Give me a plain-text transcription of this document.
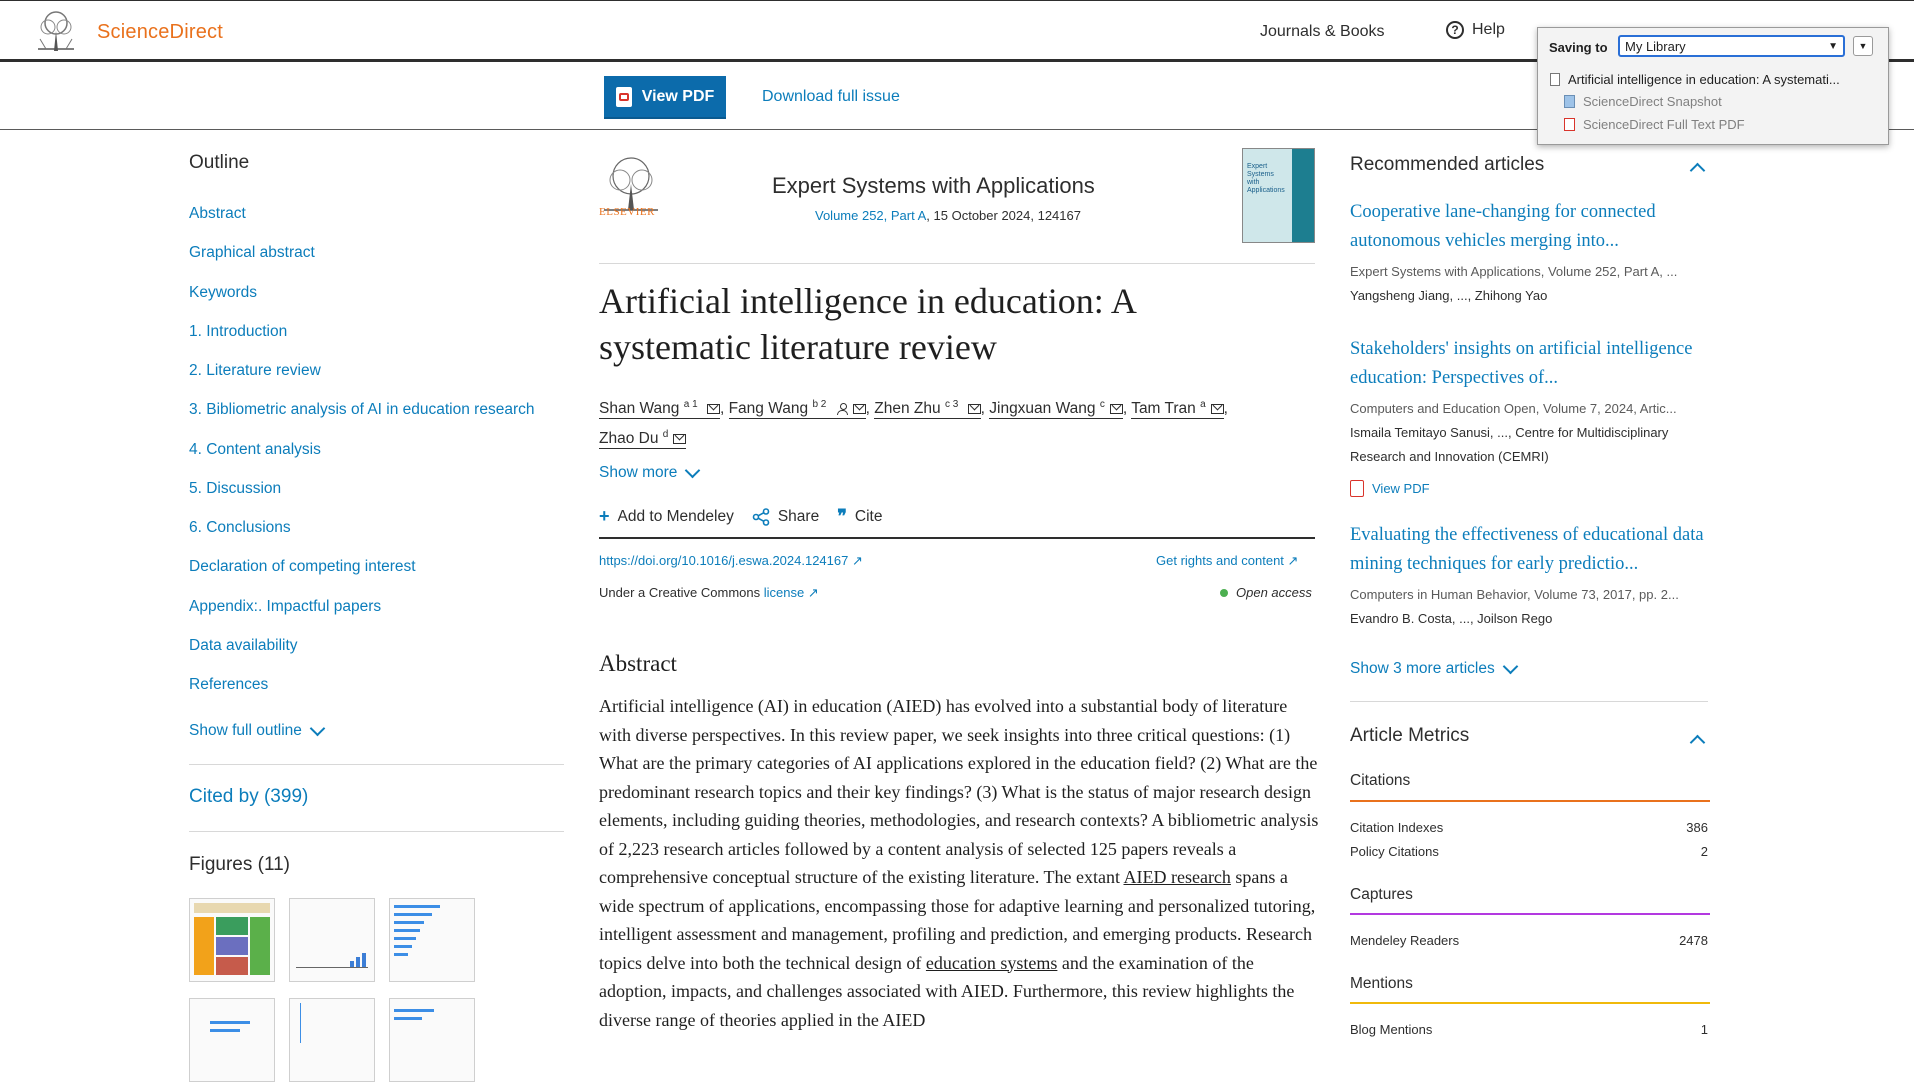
ScienceDirect	Journals & Books	? Help
View PDF	Download full issue
Outline
Abstract
Graphical abstract
Keywords
1. Introduction
2. Literature review
3. Bibliometric analysis of AI in education research
4. Content analysis
5. Discussion
6. Conclusions
Declaration of competing interest
Appendix:. Impactful papers
Data availability
References
Show full outline
Cited by (399)
Figures (11)
ELSEVIER
Expert Systems with Applications
Volume 252, Part A, 15 October 2024, 124167
Expert Systems with Applications
Artificial intelligence in education: A systematic literature review
Shan Wang $^{a 1}$ , Fang Wang $^{b 2}$	, Zhen Zhu $^{c 3}$ , Jingxuan Wang $^c$ , Tam Tran $^a$ ,
Zhao Du $^d$
Show more
+ Add to Mendeley	Share ❞ Cite
https://doi.org/10.1016/j.eswa.2024.124167 ↗	Get rights and content ↗
Under a Creative Commons license ↗	Open access
Abstract
Artificial intelligence (AI) in education (AIED) has evolved into a substantial body of literature with diverse perspectives. In this review paper, we seek insights into three critical questions: (1) What are the primary categories of AI applications explored in the education field? (2) What are the predominant research topics and their key findings? (3) What is the status of major research design elements, including guiding theories, methodologies, and research contexts? A bibliometric analysis of 2,223 research articles followed by a content analysis of selected 125 papers reveals a comprehensive conceptual structure of the existing literature. The extant AIED research spans a wide spectrum of applications, encompassing those for adaptive learning and personalized tutoring, intelligent assessment and management, profiling and prediction, and emerging products. Research topics delve into both the technical design of education systems and the examination of the adoption, impacts, and challenges associated with AIED. Furthermore, this review highlights the diverse range of theories applied in the AIED
Recommended articles
Cooperative lane-changing for connected autonomous vehicles merging into...
Expert Systems with Applications, Volume 252, Part A, ...
Yangsheng Jiang, ..., Zhihong Yao
Stakeholders' insights on artificial intelligence education: Perspectives of...
Computers and Education Open, Volume 7, 2024, Artic...
Ismaila Temitayo Sanusi, ..., Centre for Multidisciplinary Research and Innovation (CEMRI)
View PDF
Evaluating the effectiveness of educational data mining techniques for early predictio...
Computers in Human Behavior, Volume 73, 2017, pp. 2...
Evandro B. Costa, ..., Joilson Rego
Show 3 more articles
Article Metrics
Citations
Citation Indexes	386
Policy Citations	2
Captures
Mendeley Readers	2478
Mentions
Blog Mentions	1
Saving to My Library	▼	▼
Artificial intelligence in education: A systemati...
ScienceDirect Snapshot
ScienceDirect Full Text PDF
